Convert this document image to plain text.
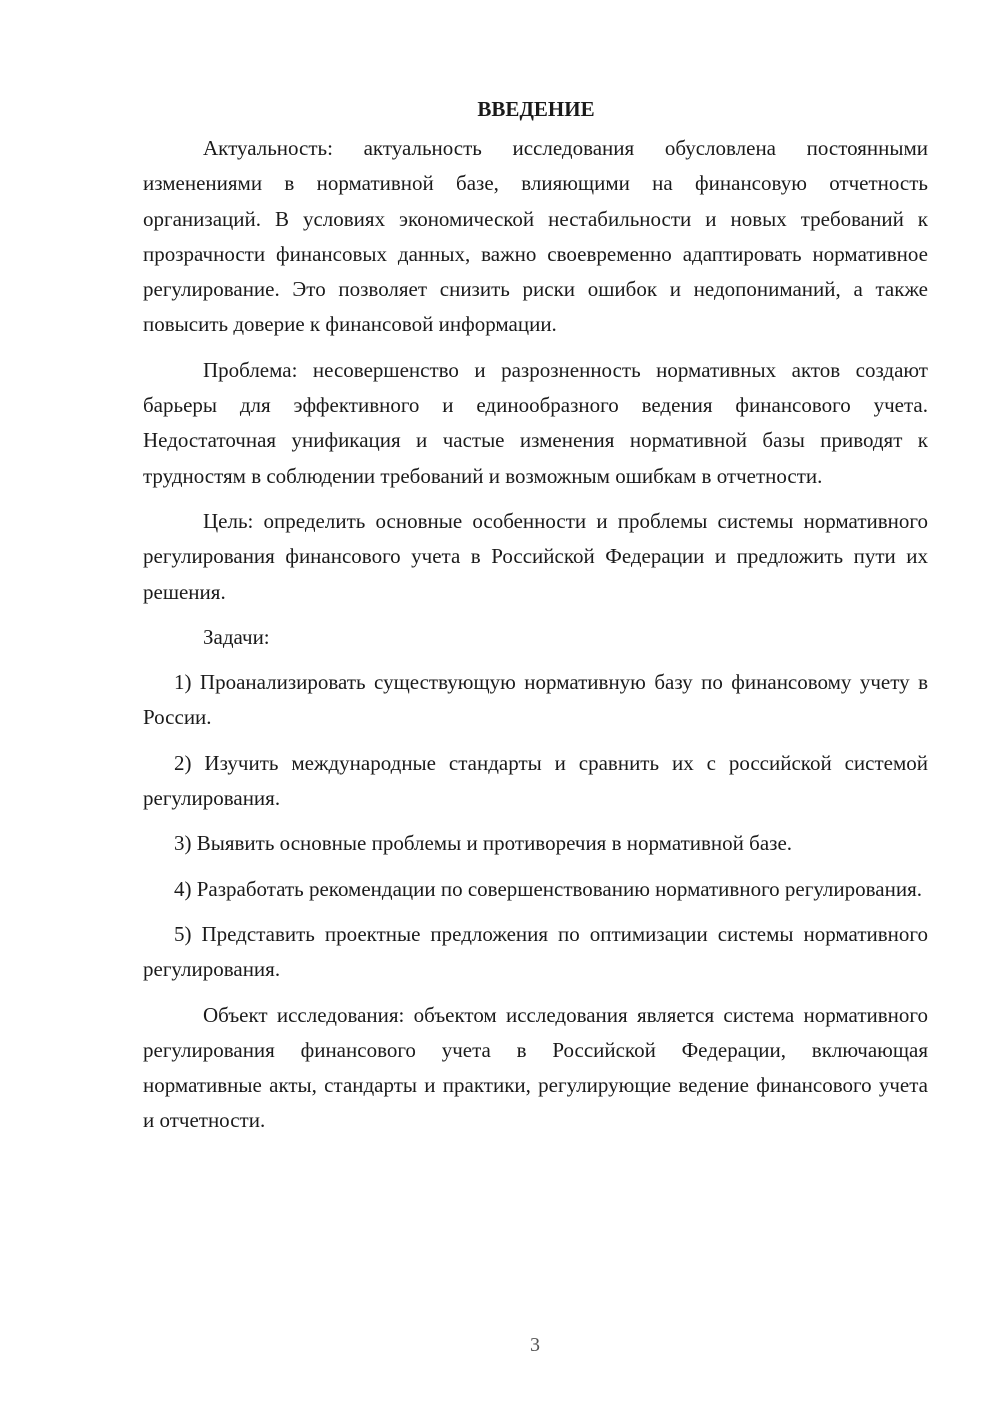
ВВЕДЕНИЕ

Актуальность: актуальность исследования обусловлена постоянными изменениями в нормативной базе, влияющими на финансовую отчетность организаций. В условиях экономической нестабильности и новых требований к прозрачности финансовых данных, важно своевременно адаптировать нормативное регулирование. Это позволяет снизить риски ошибок и недопониманий, а также повысить доверие к финансовой информации.

Проблема: несовершенство и разрозненность нормативных актов создают барьеры для эффективного и единообразного ведения финансового учета. Недостаточная унификация и частые изменения нормативной базы приводят к трудностям в соблюдении требований и возможным ошибкам в отчетности.

Цель: определить основные особенности и проблемы системы нормативного регулирования финансового учета в Российской Федерации и предложить пути их решения.

Задачи:

1) Проанализировать существующую нормативную базу по финансовому учету в России.

2) Изучить международные стандарты и сравнить их с российской системой регулирования.

3) Выявить основные проблемы и противоречия в нормативной базе.

4) Разработать рекомендации по совершенствованию нормативного регулирования.

5) Представить проектные предложения по оптимизации системы нормативного регулирования.

Объект исследования: объектом исследования является система нормативного регулирования финансового учета в Российской Федерации, включающая нормативные акты, стандарты и практики, регулирующие ведение финансового учета и отчетности.

3
